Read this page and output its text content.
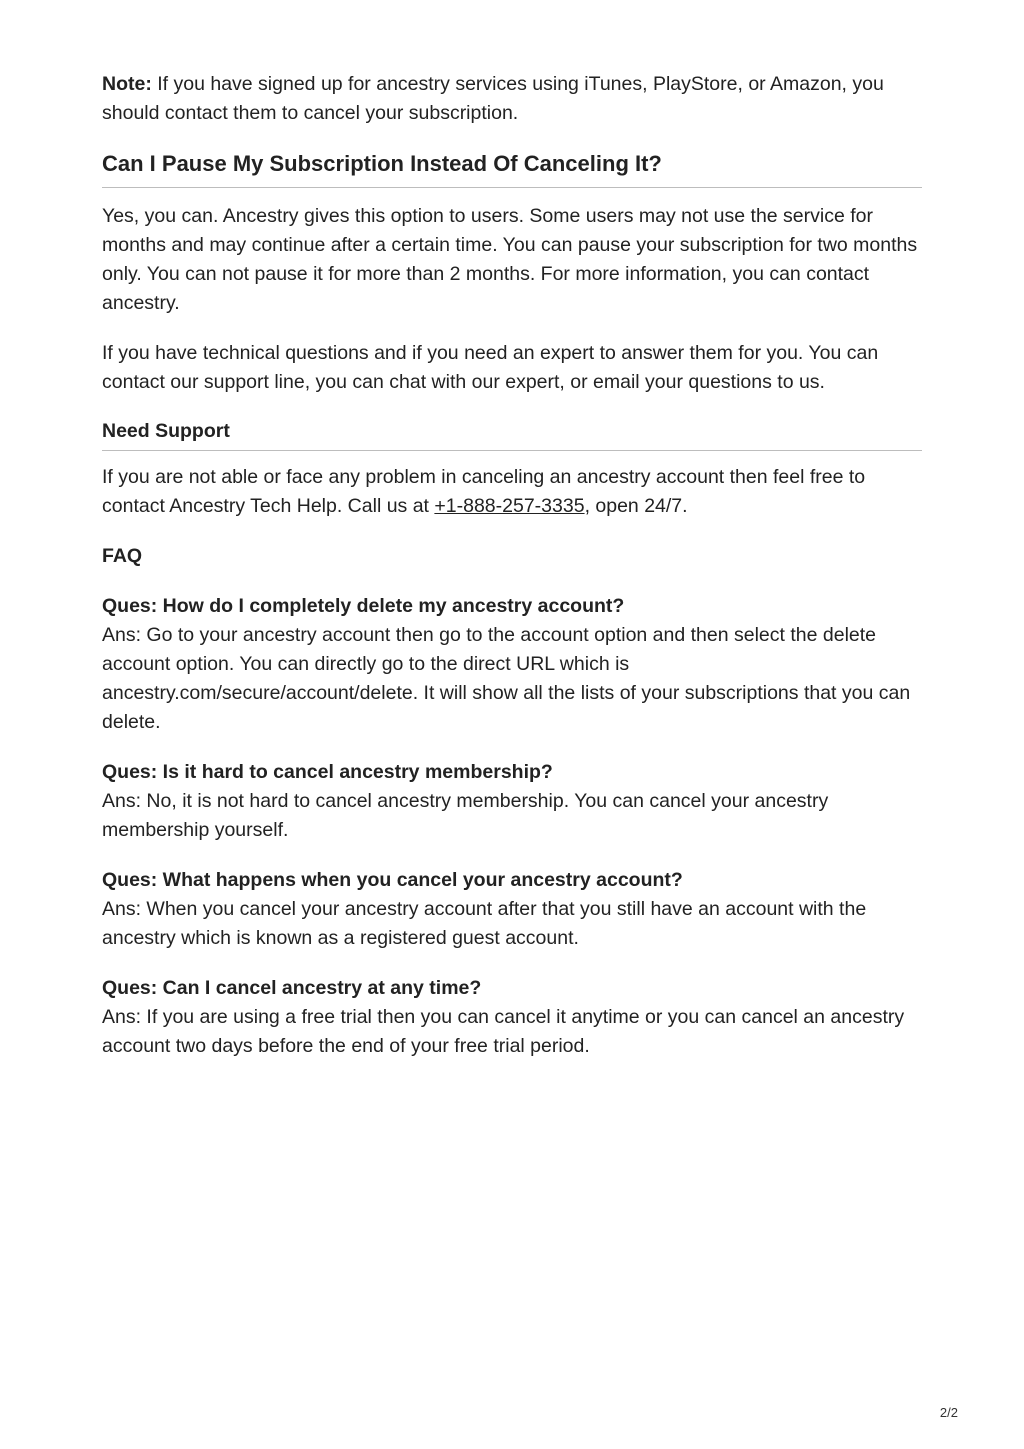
Note: If you have signed up for ancestry services using iTunes, PlayStore, or Amazon, you should contact them to cancel your subscription.

Can I Pause My Subscription Instead Of Canceling It?

Yes, you can. Ancestry gives this option to users. Some users may not use the service for months and may continue after a certain time. You can pause your subscription for two months only. You can not pause it for more than 2 months. For more information, you can contact ancestry.

If you have technical questions and if you need an expert to answer them for you. You can contact our support line, you can chat with our expert, or email your questions to us.

Need Support

If you are not able or face any problem in canceling an ancestry account then feel free to contact Ancestry Tech Help. Call us at +1-888-257-3335, open 24/7.

FAQ

Ques: How do I completely delete my ancestry account?
Ans: Go to your ancestry account then go to the account option and then select the delete account option. You can directly go to the direct URL which is ancestry.com/secure/account/delete. It will show all the lists of your subscriptions that you can delete.
Ques: Is it hard to cancel ancestry membership?
Ans: No, it is not hard to cancel ancestry membership. You can cancel your ancestry membership yourself.
Ques: What happens when you cancel your ancestry account?
Ans: When you cancel your ancestry account after that you still have an account with the ancestry which is known as a registered guest account.
Ques: Can I cancel ancestry at any time?
Ans: If you are using a free trial then you can cancel it anytime or you can cancel an ancestry account two days before the end of your free trial period.
2/2
